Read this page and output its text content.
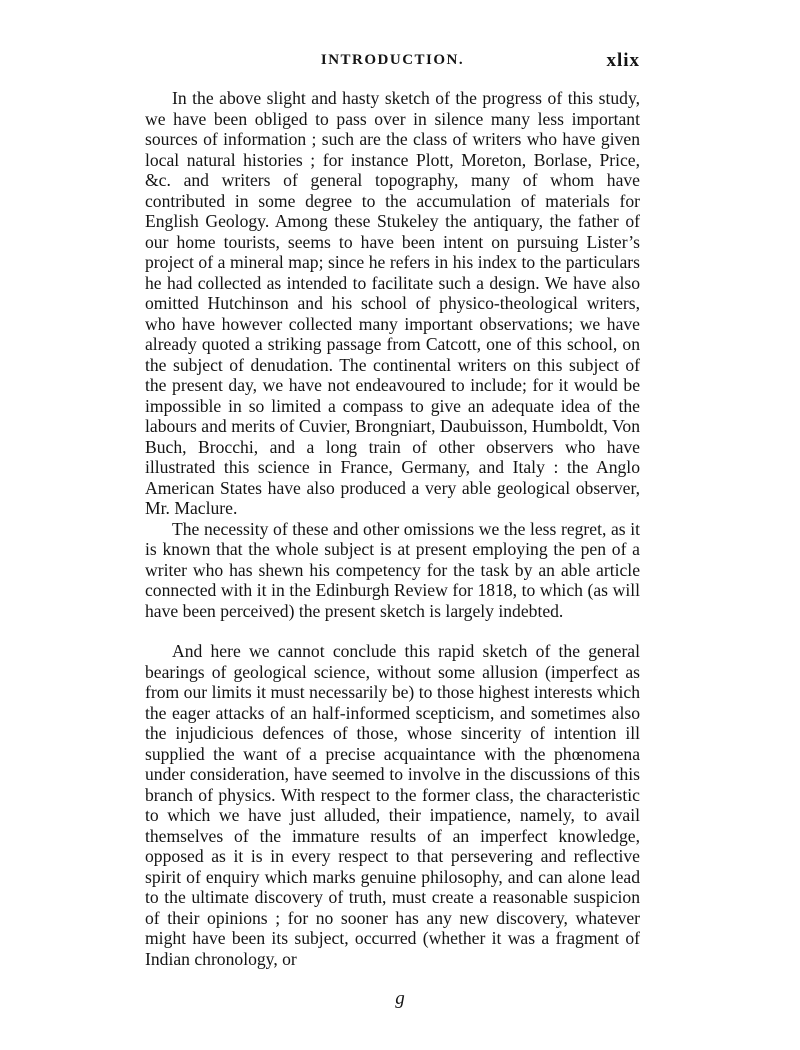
INTRODUCTION.	xlix

In the above slight and hasty sketch of the progress of this study, we have been obliged to pass over in silence many less important sources of information ; such are the class of writers who have given local natural histories ; for instance Plott, Moreton, Borlase, Price, &c. and writers of general topography, many of whom have contributed in some degree to the accumulation of materials for English Geology. Among these Stukeley the antiquary, the father of our home tourists, seems to have been intent on pursuing Lister’s project of a mineral map; since he refers in his index to the particulars he had collected as intended to facilitate such a design. We have also omitted Hutchinson and his school of physico-theological writers, who have however collected many important observations; we have already quoted a striking passage from Catcott, one of this school, on the subject of denudation. The continental writers on this subject of the present day, we have not endeavoured to include; for it would be impossible in so limited a compass to give an adequate idea of the labours and merits of Cuvier, Brongniart, Daubuisson, Humboldt, Von Buch, Brocchi, and a long train of other observers who have illustrated this science in France, Germany, and Italy : the Anglo American States have also produced a very able geological observer, Mr. Maclure.

The necessity of these and other omissions we the less regret, as it is known that the whole subject is at present employing the pen of a writer who has shewn his competency for the task by an able article connected with it in the Edinburgh Review for 1818, to which (as will have been perceived) the present sketch is largely indebted.

And here we cannot conclude this rapid sketch of the general bearings of geological science, without some allusion (imperfect as from our limits it must necessarily be) to those highest interests which the eager attacks of an half-informed scepticism, and sometimes also the injudicious defences of those, whose sincerity of intention ill supplied the want of a precise acquaintance with the phœnomena under consideration, have seemed to involve in the discussions of this branch of physics. With respect to the former class, the characteristic to which we have just alluded, their impatience, namely, to avail themselves of the immature results of an imperfect knowledge, opposed as it is in every respect to that persevering and reflective spirit of enquiry which marks genuine philosophy, and can alone lead to the ultimate discovery of truth, must create a reasonable suspicion of their opinions ; for no sooner has any new discovery, whatever might have been its subject, occurred (whether it was a fragment of Indian chronology, or

g
